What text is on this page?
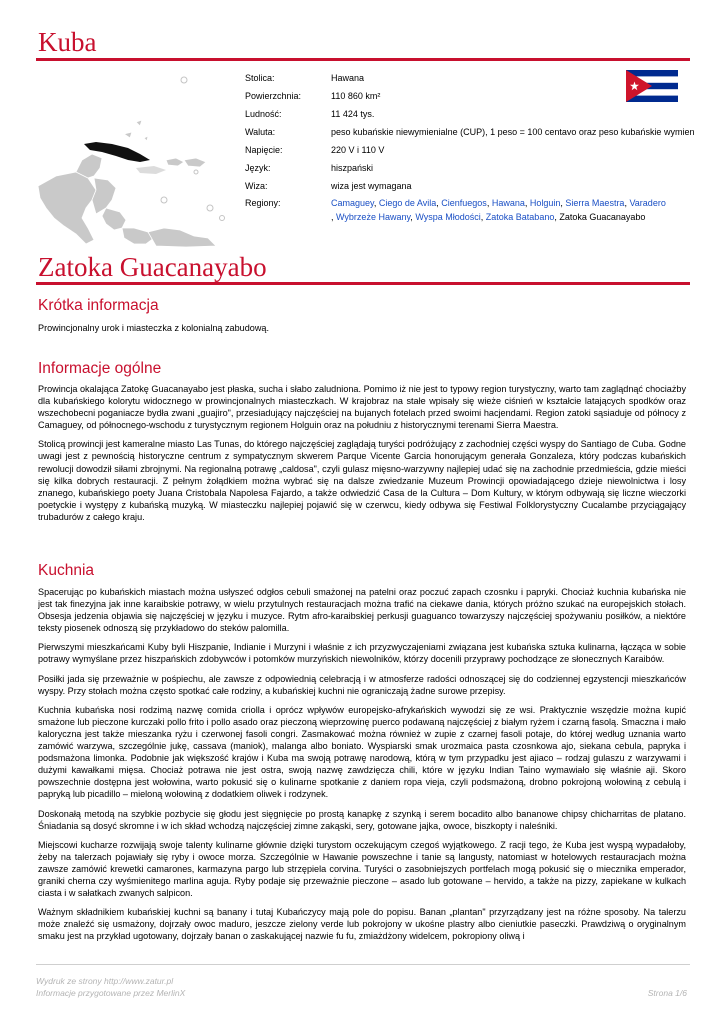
Kuba
Stolica:	Hawana
Powierzchnia:	110 860 km²
Ludność:	11 424 tys.
Waluta:	peso kubańskie niewymienialne (CUP), 1 peso = 100 centavo oraz peso kubańskie wymien
Napięcie:	220 V i 110 V
Język:	hiszpański
Wiza:	wiza jest wymagana
Regiony:	Camaguey, Ciego de Avila, Cienfuegos, Hawana, Holguin, Sierra Maestra, Varadero
, Wybrzeże Hawany, Wyspa Młodości, Zatoka Batabano, Zatoka Guacanayabo
Zatoka Guacanayabo
Krótka informacja

Prowincjonalny urok i miasteczka z kolonialną zabudową.

Informacje ogólne

Prowincja okalająca Zatokę Guacanayabo jest płaska, sucha i słabo zaludniona. Pomimo iż nie jest to typowy region turystyczny, warto tam zaglądnąć chociażby dla kubańskiego kolorytu widocznego w prowincjonalnych miasteczkach. W krajobraz na stałe wpisały się wieże ciśnień w kształcie latających spodków oraz wszechobecni poganiacze bydła zwani „guajiro", przesiadujący najczęściej na bujanych fotelach przed swoimi hacjendami. Region zatoki sąsiaduje od północy z Camaguey, od północnego-wschodu z turystycznym regionem Holguin oraz na południu z historycznymi terenami Sierra Maestra.

Stolicą prowincji jest kameralne miasto Las Tunas, do którego najczęściej zaglądają turyści podróżujący z zachodniej części wyspy do Santiago de Cuba. Godne uwagi jest z pewnością historyczne centrum z sympatycznym skwerem Parque Vicente Garcia honorującym generała Gonzaleza, który podczas kubańskich rewolucji dowodził siłami zbrojnymi. Na regionalną potrawę „caldosa", czyli gulasz mięsno-warzywny najlepiej udać się na zachodnie przedmieścia, gdzie mieści się kilka dobrych restauracji. Z pełnym żołądkiem można wybrać się na dalsze zwiedzanie Muzeum Prowincji opowiadającego dzieje niewolnictwa i losy znanego, kubańskiego poety Juana Cristobala Napolesa Fajardo, a także odwiedzić Casa de la Cultura – Dom Kultury, w którym odbywają się liczne wieczorki poetyckie i występy z kubańską muzyką. W miasteczku najlepiej pojawić się w czerwcu, kiedy odbywa się Festiwal Folklorystyczny Cucalambe przyciągający trubadurów z całego kraju.

Kuchnia

Spacerując po kubańskich miastach można usłyszeć odgłos cebuli smażonej na patelni oraz poczuć zapach czosnku i papryki. Chociaż kuchnia kubańska nie jest tak finezyjna jak inne karaibskie potrawy, w wielu przytulnych restauracjach można trafić na ciekawe dania, których próżno szukać na europejskich stołach. Obsesja jedzenia objawia się najczęściej w języku i muzyce. Rytm afro-karaibskiej perkusji guaguanco towarzyszy najczęściej spożywaniu posiłków, a niektóre teksty piosenek odnoszą się przykładowo do steków palomilla.

Pierwszymi mieszkańcami Kuby byli Hiszpanie, Indianie i Murzyni i właśnie z ich przyzwyczajeniami związana jest kubańska sztuka kulinarna, łącząca w sobie potrawy wymyślane przez hiszpańskich zdobywców i potomków murzyńskich niewolników, którzy docenili przyprawy pochodzące ze słonecznych Karaibów.

Posiłki jada się przeważnie w pośpiechu, ale zawsze z odpowiednią celebracją i w atmosferze radości odnoszącej się do codziennej egzystencji mieszkańców wyspy. Przy stołach można często spotkać całe rodziny, a kubańskiej kuchni nie ograniczają żadne surowe przepisy.

Kuchnia kubańska nosi rodzimą nazwę comida criolla i oprócz wpływów europejsko-afrykańskich wywodzi się ze wsi. Praktycznie wszędzie można kupić smażone lub pieczone kurczaki pollo frito i pollo asado oraz pieczoną wieprzowinę puerco podawaną najczęściej z białym ryżem i czarną fasolą. Smaczna i mało kaloryczna jest także mieszanka ryżu i czerwonej fasoli congri. Zasmakować można również w zupie z czarnej fasoli potaje, do której według uznania warto zamówić warzywa, szczególnie jukę, cassava (maniok), malanga albo boniato. Wyspiarski smak urozmaica pasta czosnkowa ajo, siekana cebula, papryka i podsmażona limonka. Podobnie jak większość krajów i Kuba ma swoją potrawę narodową, którą w tym przypadku jest ajiaco – rodzaj gulaszu z warzywami i dużymi kawałkami mięsa. Chociaż potrawa nie jest ostra, swoją nazwę zawdzięcza chili, które w języku Indian Taino wymawiało się właśnie aji. Skoro powszechnie dostępna jest wołowina, warto pokusić się o kulinarne spotkanie z daniem ropa vieja, czyli podsmażoną, drobno pokrojoną wołowiną z cebulą i papryką lub picadillo – mieloną wołowiną z dodatkiem oliwek i rodzynek.

Doskonałą metodą na szybkie pozbycie się głodu jest sięgnięcie po prostą kanapkę z szynką i serem bocadito albo bananowe chipsy chicharritas de platano. Śniadania są dosyć skromne i w ich skład wchodzą najczęściej zimne zakąski, sery, gotowane jajka, owoce, biszkopty i naleśniki.

Miejscowi kucharze rozwijają swoje talenty kulinarne głównie dzięki turystom oczekującym czegoś wyjątkowego. Z racji tego, że Kuba jest wyspą wypadałoby, żeby na talerzach pojawiały się ryby i owoce morza. Szczególnie w Hawanie powszechne i tanie są langusty, natomiast w hotelowych restauracjach można zawsze zamówić krewetki camarones, karmazyna pargo lub strzępiela corvina. Turyści o zasobniejszych portfelach mogą pokusić się o miecznika emperador, graniki cherna czy wyśmienitego marlina aguja. Ryby podaje się przeważnie pieczone – asado lub gotowane – hervido, a także na pizzy, zapiekane w kulkach ciasta i w sałatkach zwanych salpicon.

Ważnym składnikiem kubańskiej kuchni są banany i tutaj Kubańczycy mają pole do popisu. Banan „plantan" przyrządzany jest na różne sposoby. Na talerzu może znaleźć się usmażony, dojrzały owoc maduro, jeszcze zielony verde lub pokrojony w ukośne plastry albo cieniutkie paseczki. Prawdziwą o oryginalnym smaku jest na przykład ugotowany, dojrzały banan o zaskakującej nazwie fu fu, zmiażdżony widelcem, pokropiony oliwą i

Wydruk ze strony http://www.zatur.pl
Informacje przygotowane przez MerlinX	Strona 1/6
